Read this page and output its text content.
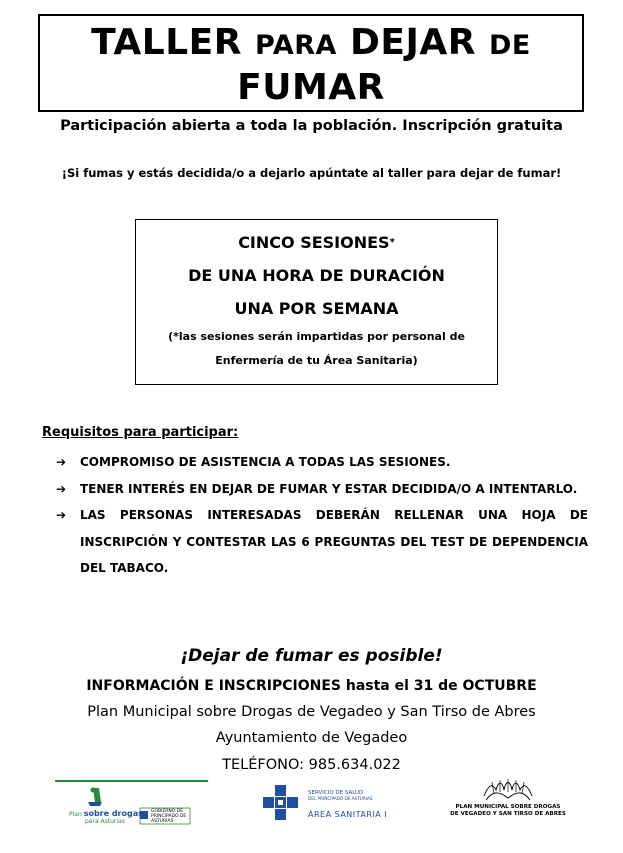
TALLER PARA DEJAR DE
FUMAR
Participación abierta a toda la población. Inscripción gratuita
¡Si fumas y estás decidida/o a dejarlo apúntate al taller para dejar de fumar!
CINCO SESIONES*
DE UNA HORA DE DURACIÓN
UNA POR SEMANA
(*las sesiones serán impartidas por personal de
Enfermería de tu Área Sanitaria)
Requisitos para participar:
➔ COMPROMISO DE ASISTENCIA A TODAS LAS SESIONES.
➔ TENER INTERÉS EN DEJAR DE FUMAR Y ESTAR DECIDIDA/O A INTENTARLO.
➔ LAS PERSONAS INTERESADAS DEBERÁN RELLENAR UNA HOJA DE INSCRIPCIÓN Y CONTESTAR LAS 6 PREGUNTAS DEL TEST DE DEPENDENCIA DEL TABACO.
¡Dejar de fumar es posible!
INFORMACIÓN E INSCRIPCIONES hasta el 31 de OCTUBRE
Plan Municipal sobre Drogas de Vegadeo y San Tirso de Abres
Ayuntamiento de Vegadeo
TELÉFONO: 985.634.022
Plan sobre drogas
para Asturias
GOBIERNO DE
PRINCIPADO DE ASTURIAS
SERVICIO DE SALUD
DEL PRINCIPADO DE ASTURIAS
ÁREA SANITARIA I
PLAN MUNICIPAL SOBRE DROGAS
DE VEGADEO Y SAN TIRSO DE ABRES
